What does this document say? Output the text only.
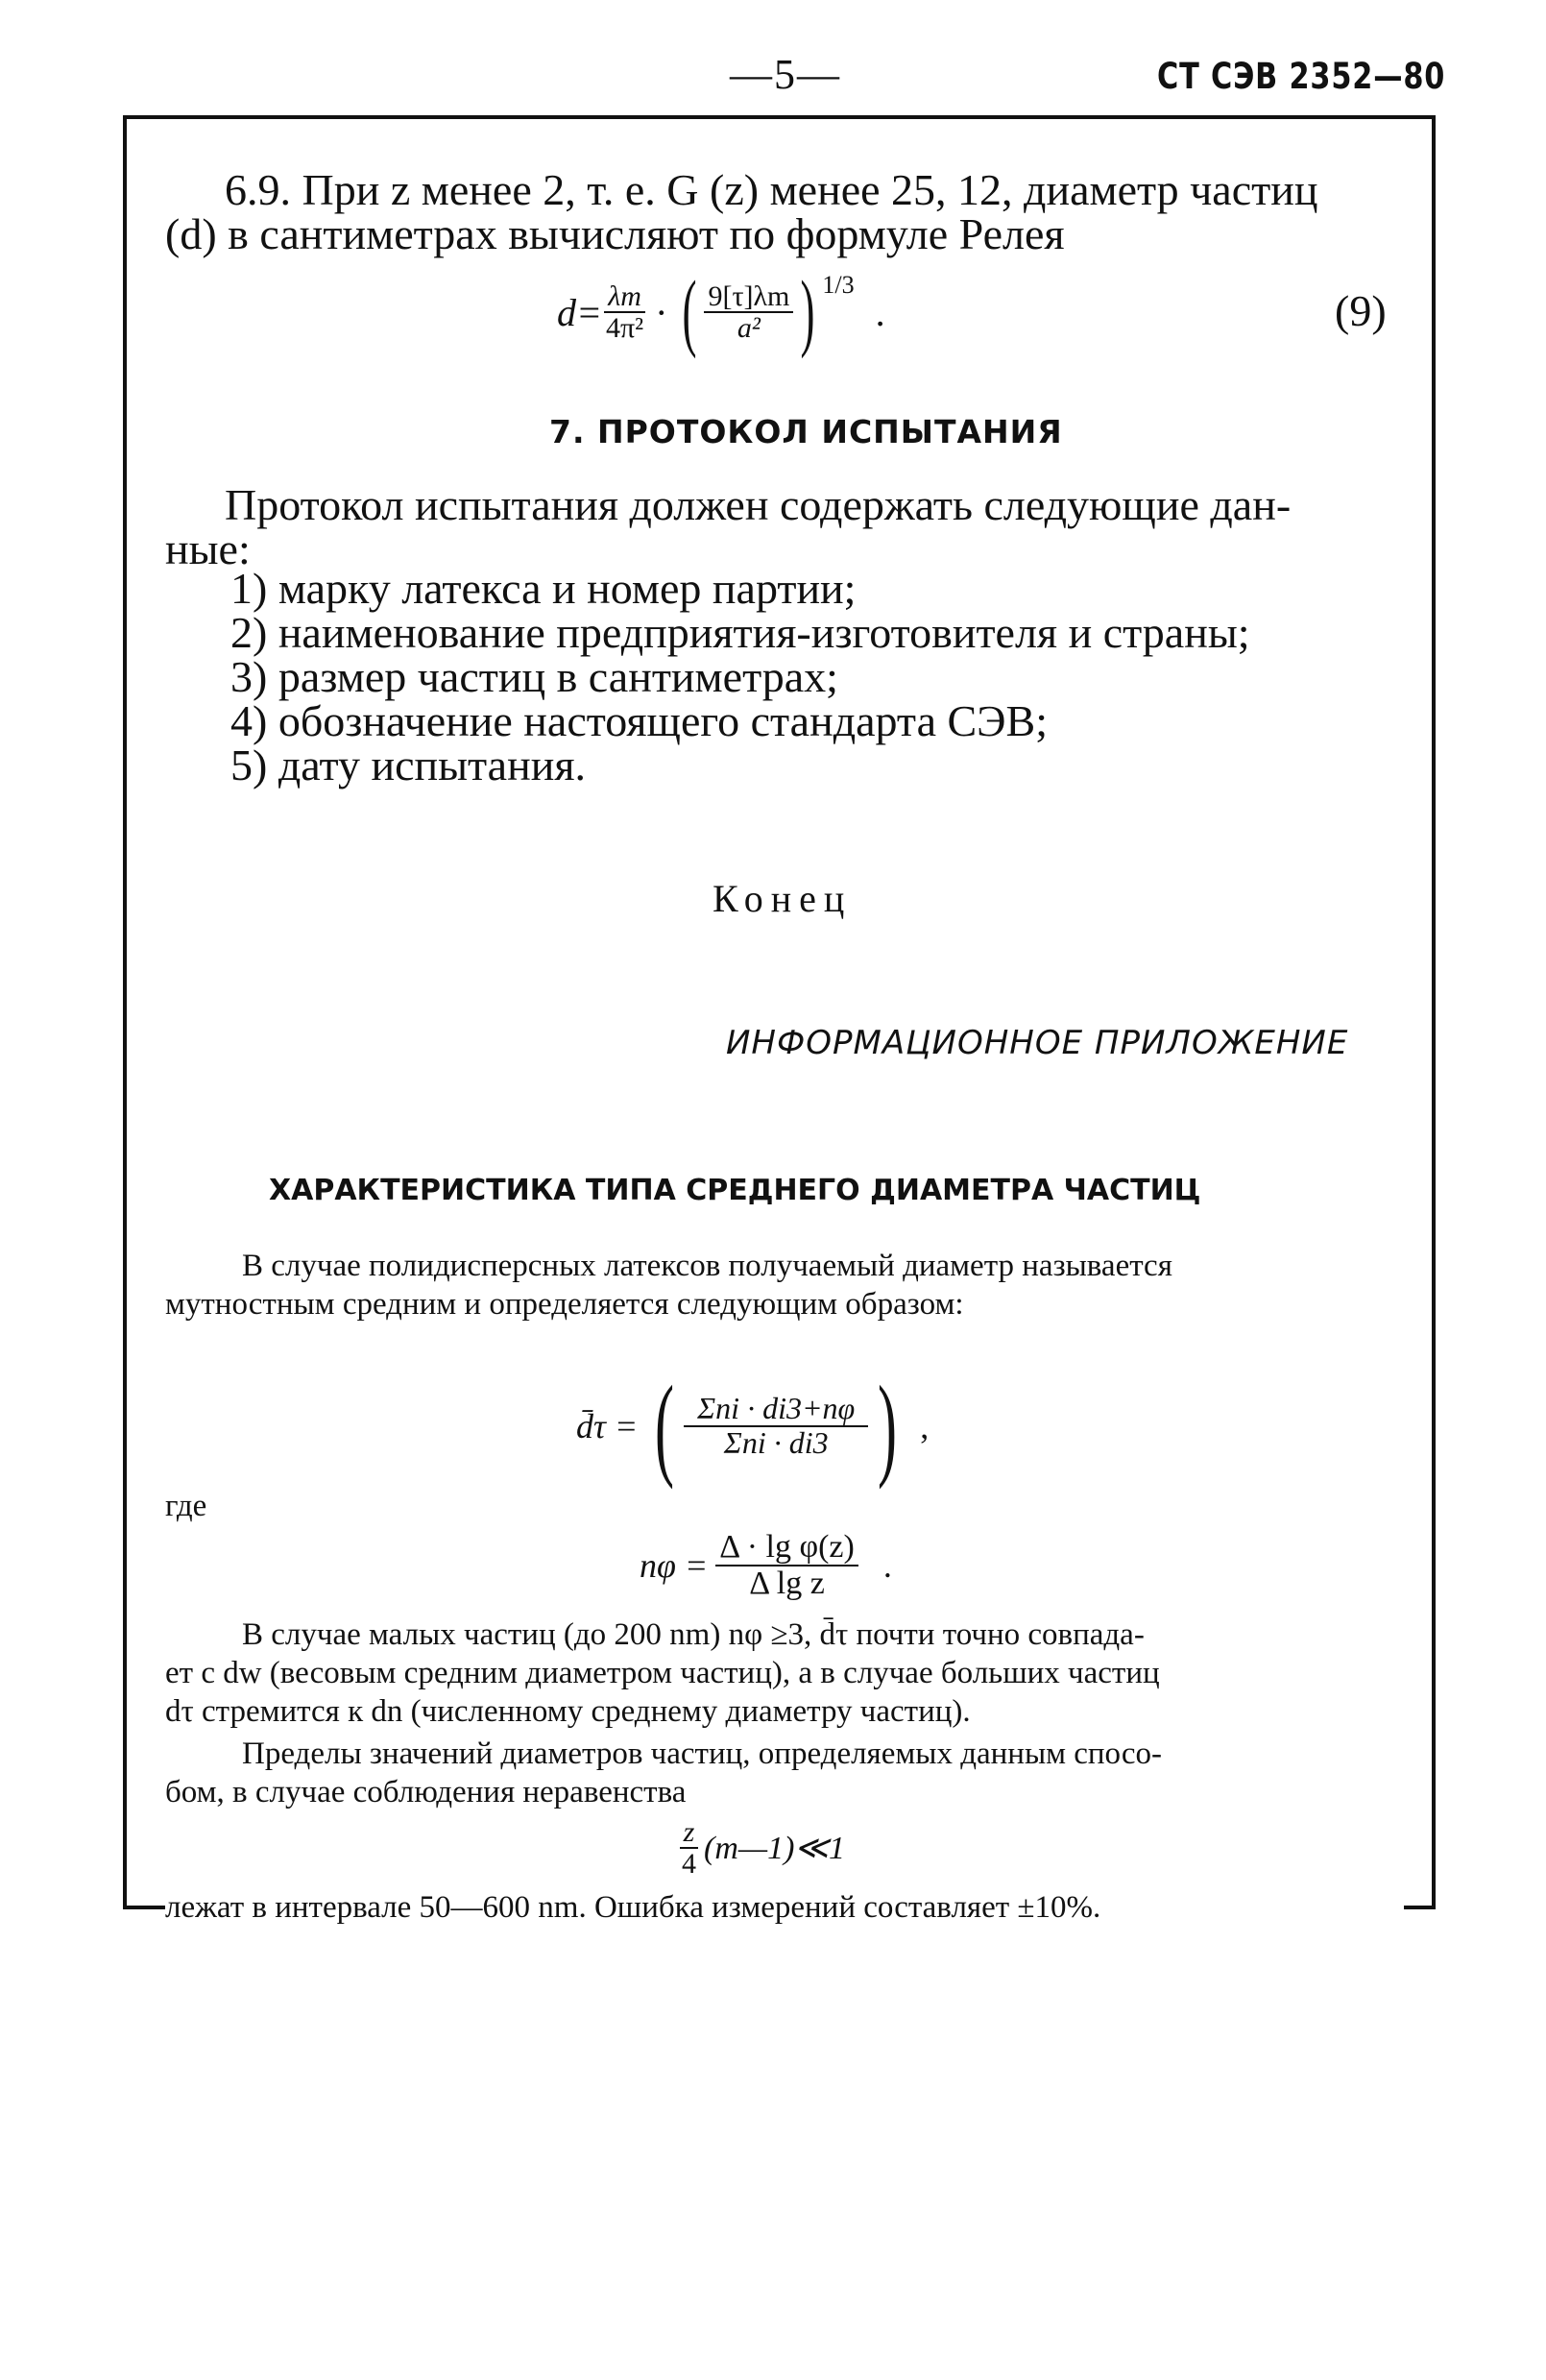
—5—	СТ СЭВ 2352—80
6.9. При z менее 2, т. е. G (z) менее 25, 12, диаметр частиц
(d) в сантиметрах вычисляют по формуле Релея
$d= \frac{\lambda m}{\text{4π²}}$ · ( $\frac{9[\tau]\lambda m}{\text{a²}}$ ) 1/3
.	(9)
7. ПРОТОКОЛ ИСПЫТАНИЯ
Протокол испытания должен содержать следующие дан-
ные:
1) марку латекса и номер партии;
2) наименование предприятия-изготовителя и страны;
3) размер частиц в сантиметрах;
4) обозначение настоящего стандарта СЭВ;
5) дату испытания.
Конец
ИНФОРМАЦИОННОЕ ПРИЛОЖЕНИЕ
ХАРАКТЕРИСТИКА ТИПА СРЕДНЕГО ДИАМЕТРА ЧАСТИЦ
В случае полидисперсных латексов получаемый диаметр называется
мутностным средним и определяется следующим образом:
d̄τ = ( $\frac{\text{Σni · di3+nφ}}{\text{Σni · di3}}$ ) ,
где
$n\varphi = \frac{\text{Δ · lg φ(z)}}{\text{Δ lg z}}$ .
В случае малых частиц (до 200 nm) nφ ≥3, d̄τ почти точно совпада-
ет с dw (весовым средним диаметром частиц), а в случае больших частиц
dτ стремится к dn (численному среднему диаметру частиц).
Пределы значений диаметров частиц, определяемых данным спосо-
бом, в случае соблюдения неравенства
$\frac{z}{4}$ (m—1)≪1
лежат в интервале 50—600 nm. Ошибка измерений составляет ±10%.
